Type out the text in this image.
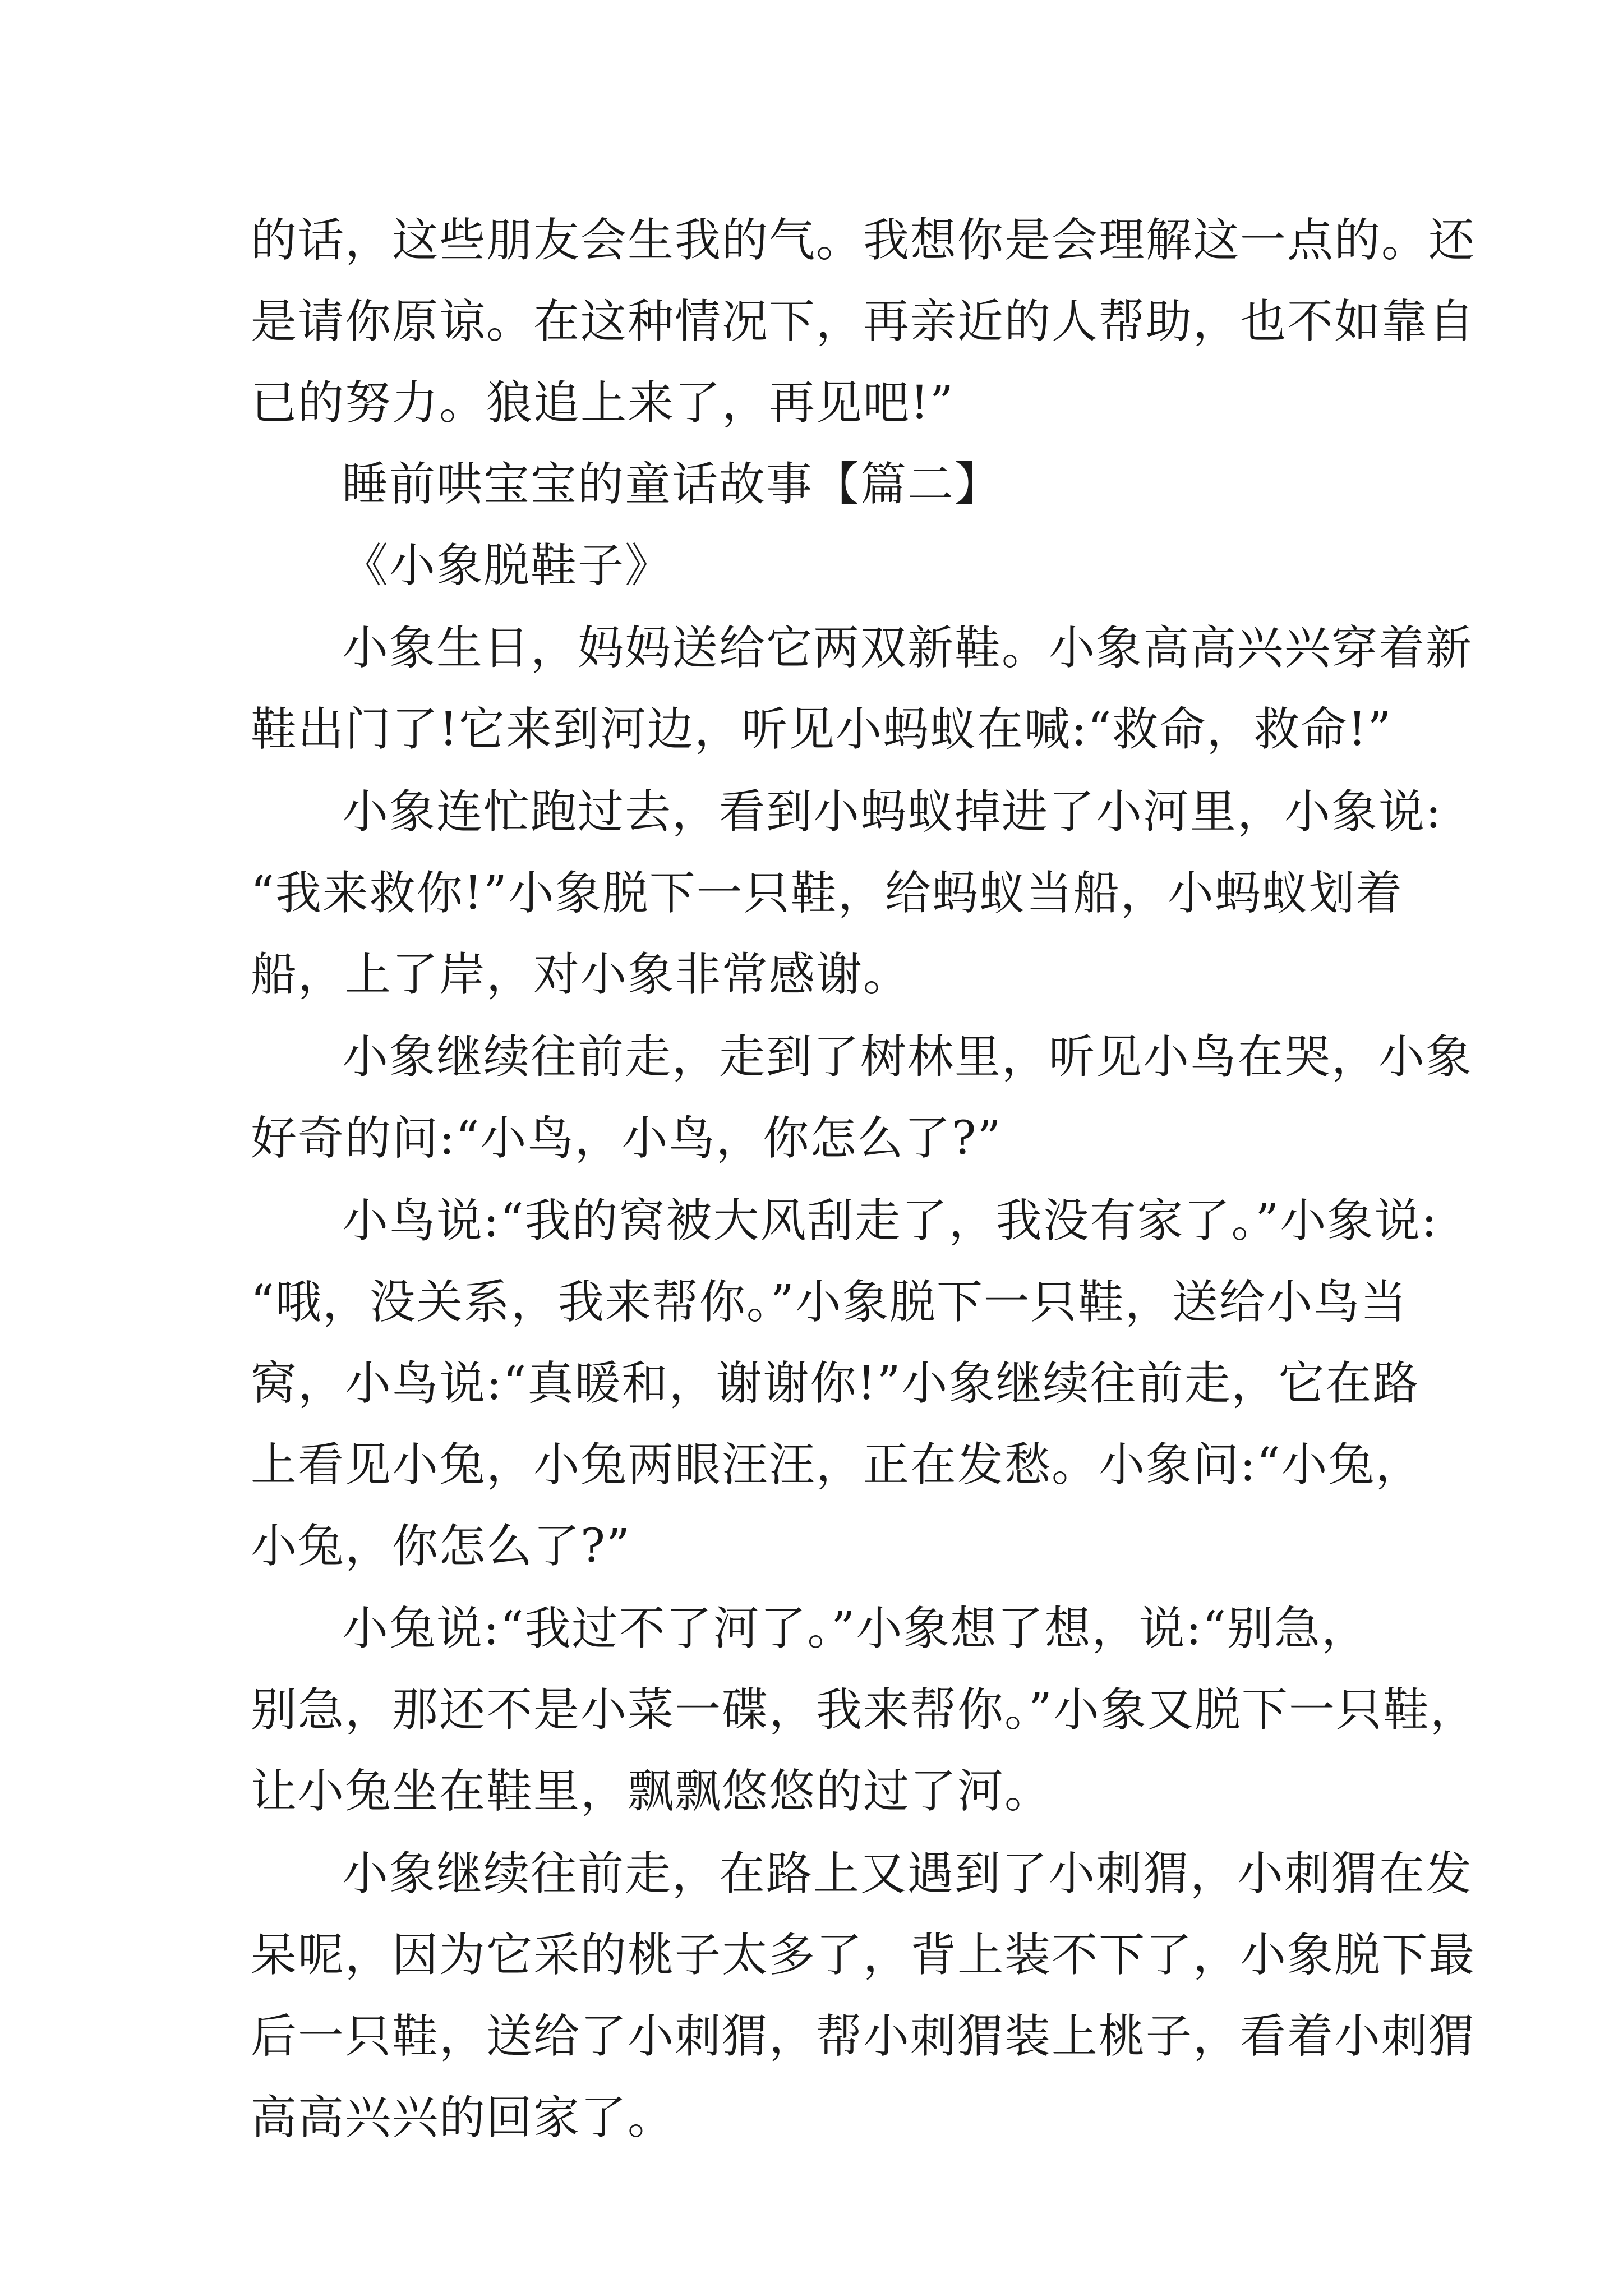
的话，这些朋友会生我的气。我想你是会理解这一点的。还
是请你原谅。在这种情况下，再亲近的人帮助，也不如靠自
已的努力。狼追上来了，再见吧!”
睡前哄宝宝的童话故事【篇二】
《小象脱鞋子》
小象生日，妈妈送给它两双新鞋。小象高高兴兴穿着新
鞋出门了!它来到河边，听见小蚂蚁在喊:“救命，救命!”
小象连忙跑过去，看到小蚂蚁掉进了小河里，小象说:
“我来救你!”小象脱下一只鞋，给蚂蚁当船，小蚂蚁划着
船，上了岸，对小象非常感谢。
小象继续往前走，走到了树林里，听见小鸟在哭，小象
好奇的问:“小鸟，小鸟，你怎么了?”
小鸟说:“我的窝被大风刮走了，我没有家了。”小象说:
“哦，没关系，我来帮你。”小象脱下一只鞋，送给小鸟当
窝，小鸟说:“真暖和，谢谢你!”小象继续往前走，它在路
上看见小兔，小兔两眼汪汪，正在发愁。小象问:“小兔，
小兔，你怎么了?”
小兔说:“我过不了河了。”小象想了想，说:“别急，
别急，那还不是小菜一碟，我来帮你。”小象又脱下一只鞋，
让小兔坐在鞋里，飘飘悠悠的过了河。
小象继续往前走，在路上又遇到了小刺猬，小刺猬在发
呆呢，因为它采的桃子太多了，背上装不下了，小象脱下最
后一只鞋，送给了小刺猬，帮小刺猬装上桃子，看着小刺猬
高高兴兴的回家了。
